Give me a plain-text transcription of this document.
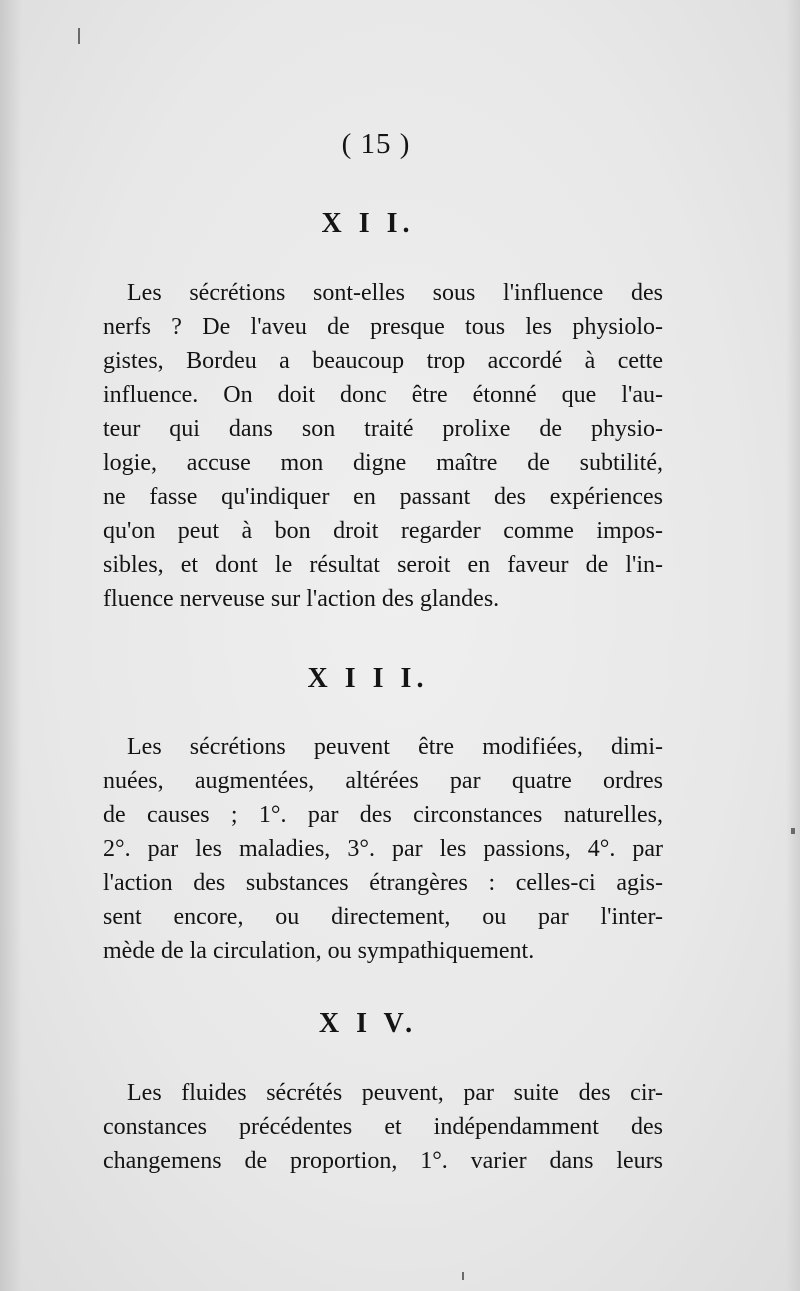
( 15 )
X I I.
Les sécrétions sont-elles sous l'influence des
nerfs ? De l'aveu de presque tous les physiolo-
gistes, Bordeu a beaucoup trop accordé à cette
influence. On doit donc être étonné que l'au-
teur qui dans son traité prolixe de physio-
logie, accuse mon digne maître de subtilité,
ne fasse qu'indiquer en passant des expériences
qu'on peut à bon droit regarder comme impos-
sibles, et dont le résultat seroit en faveur de l'in-
fluence nerveuse sur l'action des glandes.
X I I I.
Les sécrétions peuvent être modifiées, dimi-
nuées, augmentées, altérées par quatre ordres
de causes ; 1°. par des circonstances naturelles,
2°. par les maladies, 3°. par les passions, 4°. par
l'action des substances étrangères : celles-ci agis-
sent encore, ou directement, ou par l'inter-
mède de la circulation, ou sympathiquement.
X I V.
Les fluides sécrétés peuvent, par suite des cir-
constances précédentes et indépendamment des
changemens de proportion, 1°. varier dans leurs
